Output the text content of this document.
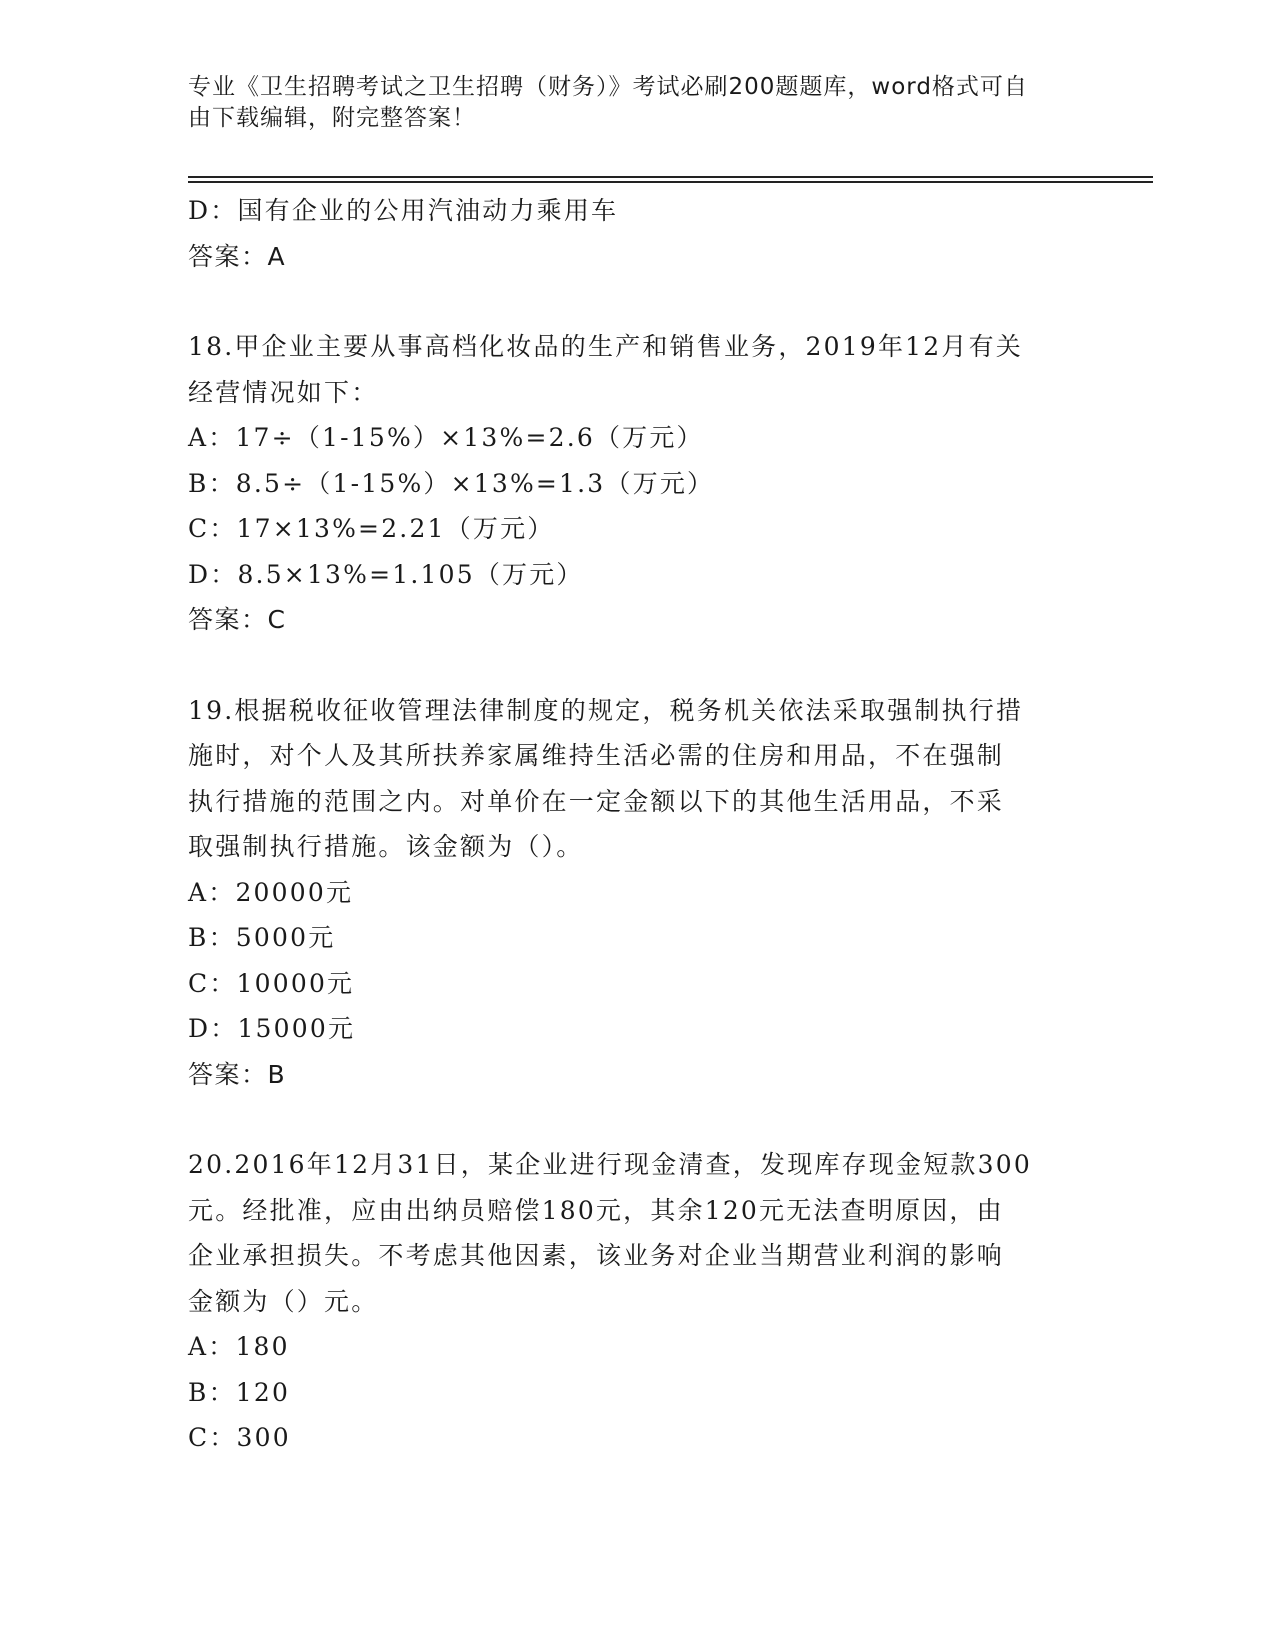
专业《卫生招聘考试之卫生招聘（财务）》考试必刷200题题库，word格式可自
由下载编辑，附完整答案！
D：国有企业的公用汽油动力乘用车
答案：A
18.甲企业主要从事高档化妆品的生产和销售业务，2019年12月有关
经营情况如下：
A：17÷（1-15%）×13%=2.6（万元）
B：8.5÷（1-15%）×13%=1.3（万元）
C：17×13%=2.21（万元）
D：8.5×13%=1.105（万元）
答案：C
19.根据税收征收管理法律制度的规定，税务机关依法采取强制执行措
施时，对个人及其所扶养家属维持生活必需的住房和用品，不在强制
执行措施的范围之内。对单价在一定金额以下的其他生活用品，不采
取强制执行措施。该金额为（）。
A：20000元
B：5000元
C：10000元
D：15000元
答案：B
20.2016年12月31日，某企业进行现金清查，发现库存现金短款300
元。经批准，应由出纳员赔偿180元，其余120元无法查明原因，由
企业承担损失。不考虑其他因素，该业务对企业当期营业利润的影响
金额为（）元。
A：180
B：120
C：300
